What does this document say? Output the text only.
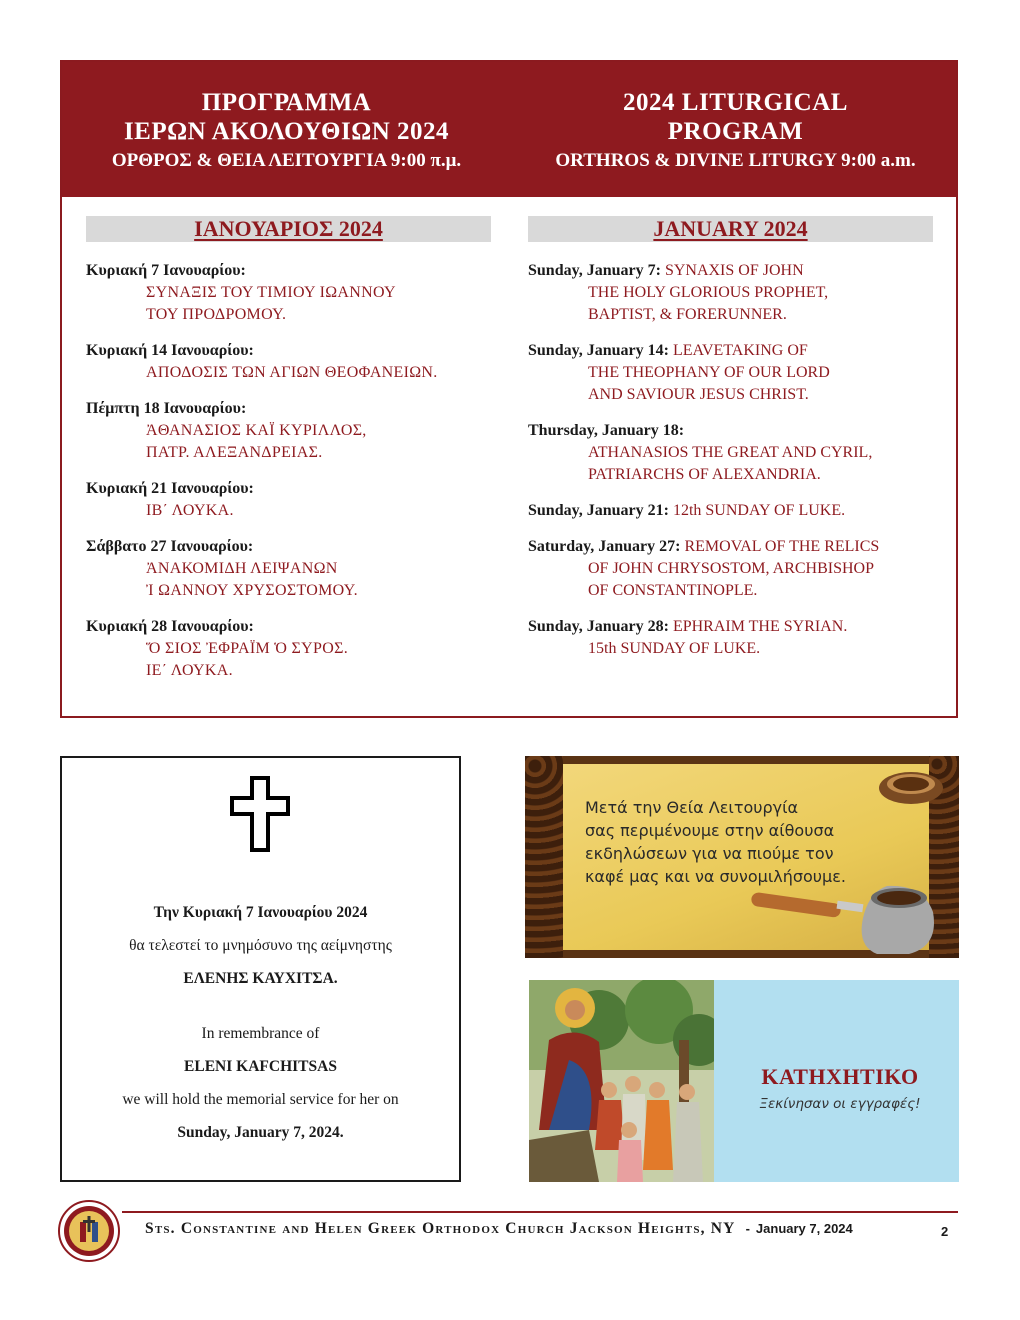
ΠΡΟΓΡΑΜΜΑ
ΙΕΡΩΝ ΑΚΟΛΟΥΘΙΩΝ 2024
ΟΡΘΡΟΣ & ΘΕΙΑ ΛΕΙΤΟΥΡΓΙΑ 9:00 π.μ.
2024 LITURGICAL
PROGRAM
ORTHROS & DIVINE LITURGY 9:00 a.m.
ΙΑΝΟΥΑΡΙΟΣ 2024	JANUARY 2024
Κυριακή 7 Ιανουαρίου:
ΣΥΝΑΞΙΣ ΤΟΥ ΤΙΜΙΟΥ ΙΩΑΝΝΟΥ
ΤΟΥ ΠΡΟΔΡΟΜΟΥ.
Κυριακή 14 Ιανουαρίου:
ΑΠΟΔΟΣΙΣ ΤΩΝ ΑΓΙΩΝ ΘΕΟΦΑΝΕΙΩΝ.
Πέμπτη 18 Ιανουαρίου:
ἈΘΑΝΑΣΙΟΣ ΚΑΪ ΚΥΡΙΛΛΟΣ,
ΠΑΤΡ. ΑΛΕΞΑΝΔΡΕΙΑΣ.
Κυριακή 21 Ιανουαρίου:
ΙΒ΄ ΛΟΥΚΑ.
Σάββατο 27 Ιανουαρίου:
ἈΝΑΚΟΜΙΔΗ ΛΕΙΨΑΝΩΝ
Ἰ ΩΑΝΝΟΥ ΧΡΥΣΟΣΤΟΜΟΥ.
Κυριακή 28 Ιανουαρίου:
Ὅ ΣΙΟΣ ἘΦΡΑΪΜ Ὁ ΣΥΡΟΣ.
ΙΕ΄ ΛΟΥΚΑ.
Sunday, January 7: SYNAXIS OF JOHN
THE HOLY GLORIOUS PROPHET,
BAPTIST, & FORERUNNER.
Sunday, January 14: LEAVETAKING OF
THE THEOPHANY OF OUR LORD
AND SAVIOUR JESUS CHRIST.
Thursday, January 18:
ATHANASIOS THE GREAT AND CYRIL,
PATRIARCHS OF ALEXANDRIA.
Sunday, January 21: 12th SUNDAY OF LUKE.
Saturday, January 27: REMOVAL OF THE RELICS
OF JOHN CHRYSOSTOM, ARCHBISHOP
OF CONSTANTINOPLE.
Sunday, January 28: EPHRAIM THE SYRIAN.
15th SUNDAY OF LUKE.
Την Κυριακή 7 Ιανουαρίου 2024
θα τελεστεί το μνημόσυνο της αείμνηστης
ΕΛΕΝΗΣ ΚΑΥΧΙΤΣΑ.
In remembrance of
ELENI KAFCHITSAS
we will hold the memorial service for her on
Sunday, January 7, 2024.
Μετά την Θεία Λειτουργία
σας περιμένουμε στην αίθουσα
εκδηλώσεων για να πιούμε τον
καφέ μας και να συνομιλήσουμε.
ΚΑΤΗΧΗΤΙΚΟ
Ξεκίνησαν οι εγγραφές!
Sts. Constantine and Helen Greek Orthodox Church Jackson Heights, NY - January 7, 2024	2
